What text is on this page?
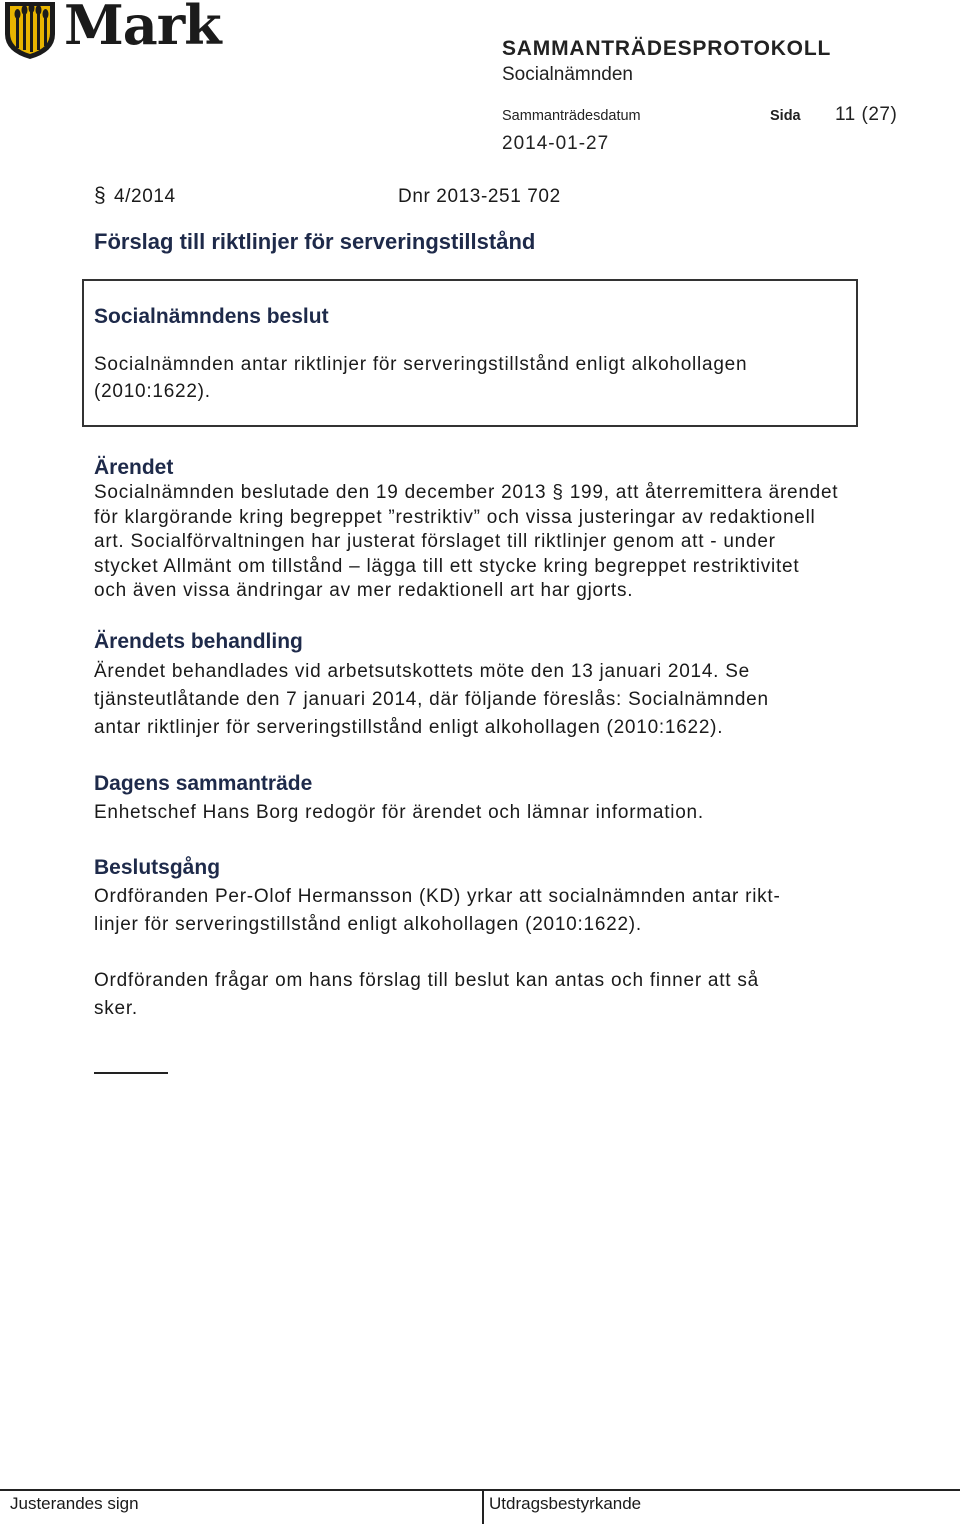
Mark	SAMMANTRÄDESPROTOKOLL
Socialnämnden
Sammanträdesdatum	Sida 11 (27)
2014-01-27
§ 4/2014	Dnr 2013-251 702
Förslag till riktlinjer för serveringstillstånd
Socialnämndens beslut
Socialnämnden antar riktlinjer för serveringstillstånd enligt alkohollagen
(2010:1622).
Ärendet
Socialnämnden beslutade den 19 december 2013 § 199, att återremittera ärendet
för klargörande kring begreppet ”restriktiv” och vissa justeringar av redaktionell
art. Socialförvaltningen har justerat förslaget till riktlinjer genom att - under
stycket Allmänt om tillstånd – lägga till ett stycke kring begreppet restriktivitet
och även vissa ändringar av mer redaktionell art har gjorts.
Ärendets behandling
Ärendet behandlades vid arbetsutskottets möte den 13 januari 2014. Se
tjänsteutlåtande den 7 januari 2014, där följande föreslås: Socialnämnden
antar riktlinjer för serveringstillstånd enligt alkohollagen (2010:1622).
Dagens sammanträde
Enhetschef Hans Borg redogör för ärendet och lämnar information.
Beslutsgång
Ordföranden Per-Olof Hermansson (KD) yrkar att socialnämnden antar rikt-
linjer för serveringstillstånd enligt alkohollagen (2010:1622).
Ordföranden frågar om hans förslag till beslut kan antas och finner att så
sker.
Justerandes sign	Utdragsbestyrkande
